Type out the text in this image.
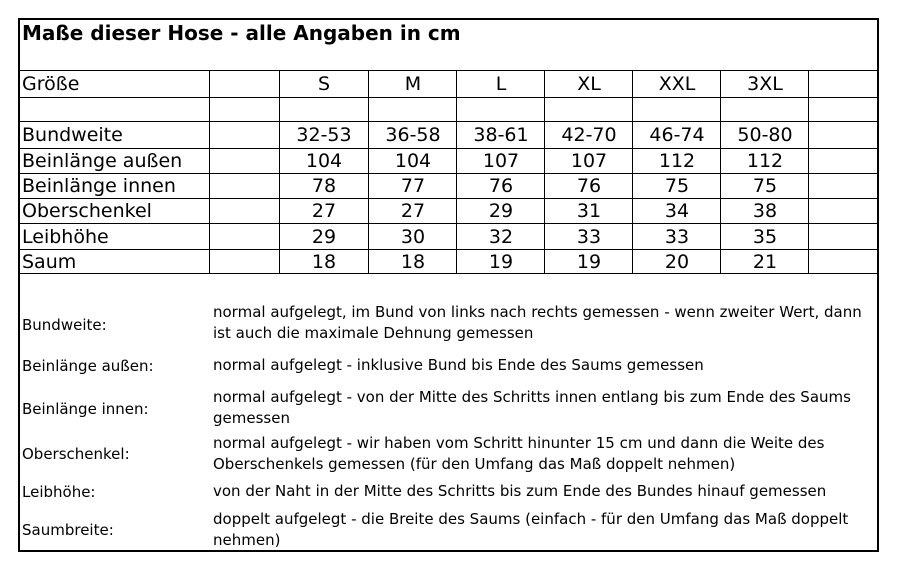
Maße dieser Hose - alle Angaben in cm
Größe	S	M	L	XL	XXL	3XL
Bundweite	32-53	36-58	38-61	42-70	46-74	50-80
Beinlänge außen	104	104	107	107	112	112
Beinlänge innen	78	77	76	76	75	75
Oberschenkel	27	27	29	31	34	38
Leibhöhe	29	30	32	33	33	35
Saum	18	18	19	19	20	21
Bundweite:
normal aufgelegt, im Bund von links nach rechts gemessen - wenn zweiter Wert, dann ist auch die maximale Dehnung gemessen
Beinlänge außen:	normal aufgelegt - inklusive Bund bis Ende des Saums gemessen
Beinlänge innen:
normal aufgelegt - von der Mitte des Schritts innen entlang bis zum Ende des Saums gemessen
Oberschenkel:
normal aufgelegt - wir haben vom Schritt hinunter 15 cm und dann die Weite des Oberschenkels gemessen (für den Umfang das Maß doppelt nehmen)
Leibhöhe:	von der Naht in der Mitte des Schritts bis zum Ende des Bundes hinauf gemessen
Saumbreite:
doppelt aufgelegt - die Breite des Saums (einfach - für den Umfang das Maß doppelt nehmen)
